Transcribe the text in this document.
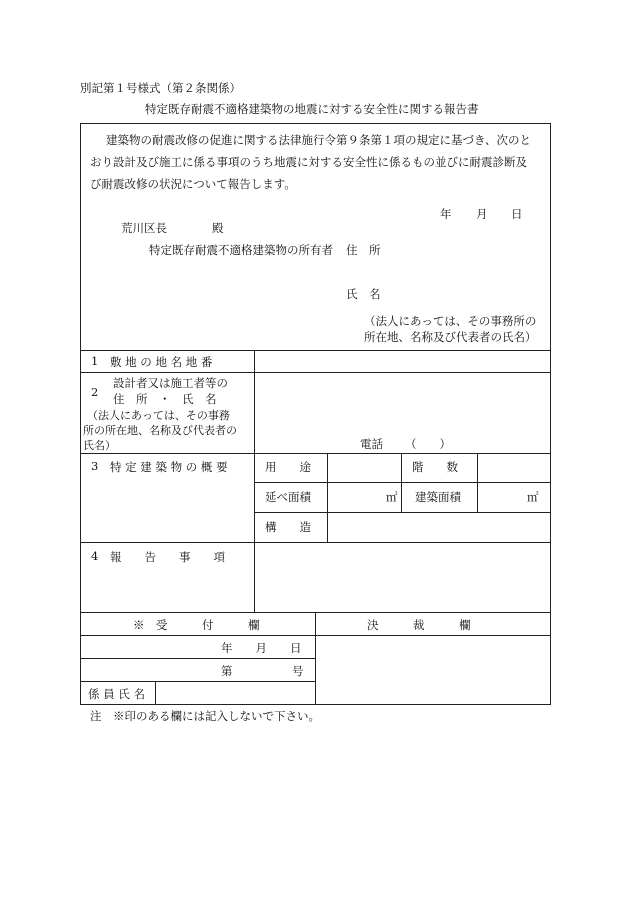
別記第１号様式（第２条関係）
特定既存耐震不適格建築物の地震に対する安全性に関する報告書
建築物の耐震改修の促進に関する法律施行令第９条第１項の規定に基づき、次のと
おり設計及び施工に係る事項のうち地震に対する安全性に係るもの並びに耐震診断及
び耐震改修の状況について報告します。
年 月 日
荒川区長	殿
特定既存耐震不適格建築物の所有者 住　所
氏　名
（法人にあっては、その事務所の
所在地、名称及び代表者の氏名）
1 敷 地 の 地 名 地 番
2
設計者又は施工者等の
住　所　・　氏　名
（法人にあっては、その事務
所の所在地、名称及び代表者の
氏名）	電話 （　　）
3 特 定 建 築 物 の 概 要	用　　途	階　　数
延べ面積	㎡ 建築面積	㎡
構　　造
4 報　　告　　事　　項
※　受　　　付　　　欄	決　　　裁　　　欄
年　　月　　日
第	号
係 員 氏 名
注　※印のある欄には記入しないで下さい。
